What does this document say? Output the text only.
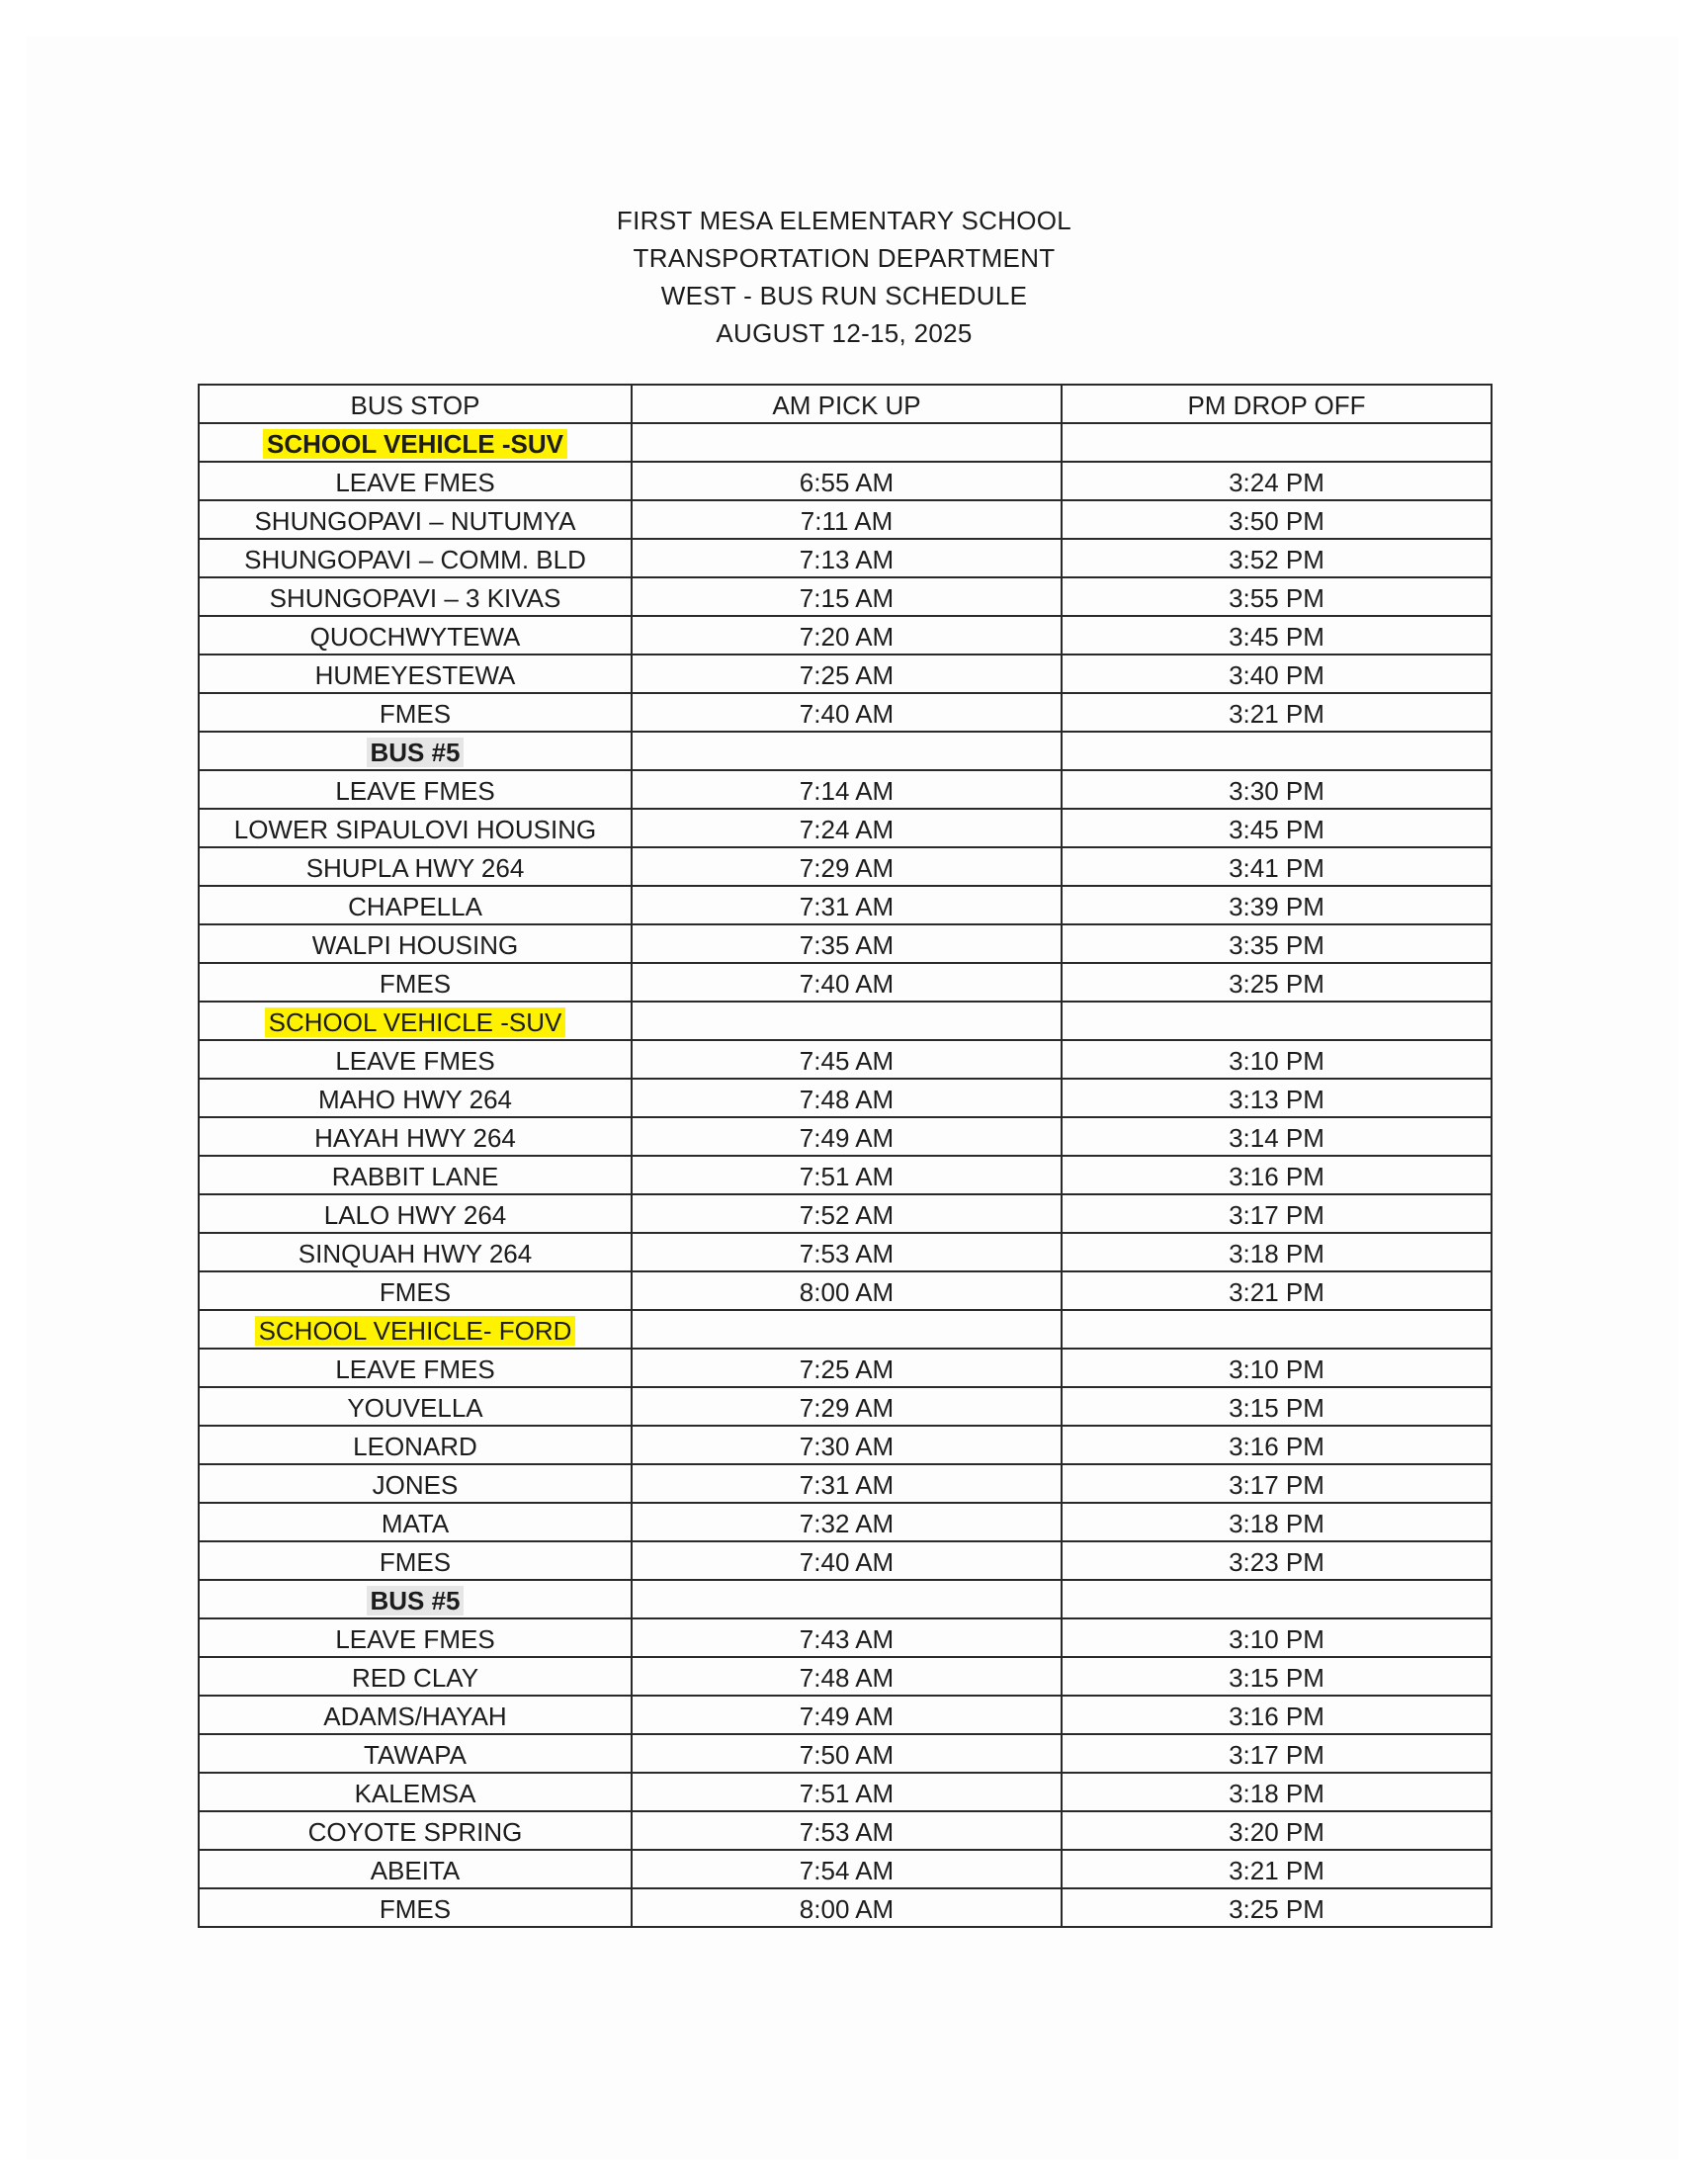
FIRST MESA ELEMENTARY SCHOOL
TRANSPORTATION DEPARTMENT
WEST - BUS RUN SCHEDULE
AUGUST 12-15, 2025
BUS STOP	AM PICK UP	PM DROP OFF
SCHOOL VEHICLE -SUV		
LEAVE FMES	6:55 AM	3:24 PM
SHUNGOPAVI – NUTUMYA	7:11 AM	3:50 PM
SHUNGOPAVI – COMM. BLD	7:13 AM	3:52 PM
SHUNGOPAVI – 3 KIVAS	7:15 AM	3:55 PM
QUOCHWYTEWA	7:20 AM	3:45 PM
HUMEYESTEWA	7:25 AM	3:40 PM
FMES	7:40 AM	3:21 PM
BUS #5		
LEAVE FMES	7:14 AM	3:30 PM
LOWER SIPAULOVI HOUSING	7:24 AM	3:45 PM
SHUPLA HWY 264	7:29 AM	3:41 PM
CHAPELLA	7:31 AM	3:39 PM
WALPI HOUSING	7:35 AM	3:35 PM
FMES	7:40 AM	3:25 PM
SCHOOL VEHICLE -SUV		
LEAVE FMES	7:45 AM	3:10 PM
MAHO HWY 264	7:48 AM	3:13 PM
HAYAH HWY 264	7:49 AM	3:14 PM
RABBIT LANE	7:51 AM	3:16 PM
LALO HWY 264	7:52 AM	3:17 PM
SINQUAH HWY 264	7:53 AM	3:18 PM
FMES	8:00 AM	3:21 PM
SCHOOL VEHICLE- FORD		
LEAVE FMES	7:25 AM	3:10 PM
YOUVELLA	7:29 AM	3:15 PM
LEONARD	7:30 AM	3:16 PM
JONES	7:31 AM	3:17 PM
MATA	7:32 AM	3:18 PM
FMES	7:40 AM	3:23 PM
BUS #5		
LEAVE FMES	7:43 AM	3:10 PM
RED CLAY	7:48 AM	3:15 PM
ADAMS/HAYAH	7:49 AM	3:16 PM
TAWAPA	7:50 AM	3:17 PM
KALEMSA	7:51 AM	3:18 PM
COYOTE SPRING	7:53 AM	3:20 PM
ABEITA	7:54 AM	3:21 PM
FMES	8:00 AM	3:25 PM
